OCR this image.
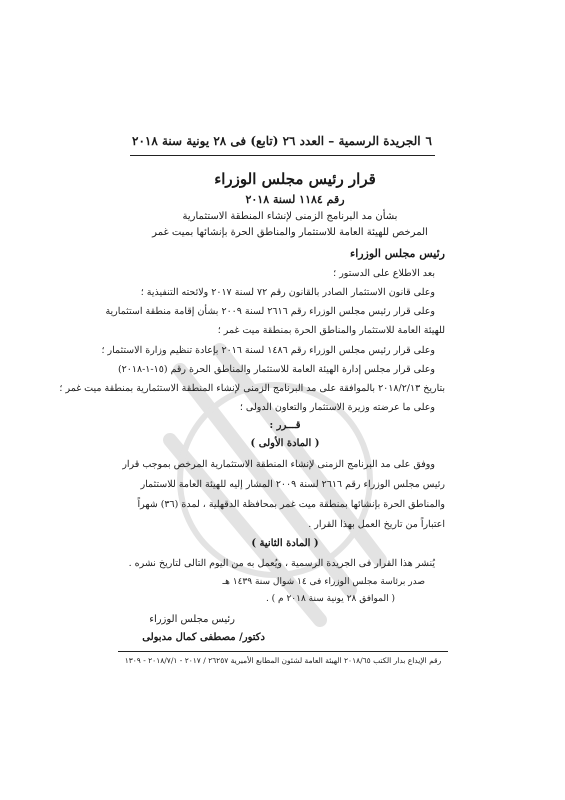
٦
الجريدة الرسمية – العدد ٢٦ (تابع) فى ٢٨ يونية سنة ٢٠١٨
قرار رئيس مجلس الوزراء
رقم ١١٨٤ لسنة ٢٠١٨
بشأن مد البرنامج الزمنى لإنشاء المنطقة الاستثمارية
المرخص للهيئة العامة للاستثمار والمناطق الحرة بإنشائها بميت غمر
رئيس مجلس الوزراء
بعد الاطلاع على الدستور ؛
وعلى قانون الاستثمار الصادر بالقانون رقم ٧٢ لسنة ٢٠١٧ ولائحته التنفيذية ؛
وعلى قرار رئيس مجلس الوزراء رقم ٢٦١٦ لسنة ٢٠٠٩ بشأن إقامة منطقة استثمارية
للهيئة العامة للاستثمار والمناطق الحرة بمنطقة ميت غمر ؛
وعلى قرار رئيس مجلس الوزراء رقم ١٤٨٦ لسنة ٢٠١٦ بإعادة تنظيم وزارة الاستثمار ؛
وعلى قرار مجلس إدارة الهيئة العامة للاستثمار والمناطق الحرة رقم (١٥-١-٢٠١٨)
بتاريخ ٢٠١٨/٢/١٣ بالموافقة على مد البرنامج الزمنى لإنشاء المنطقة الاستثمارية بمنطقة ميت غمر ؛
وعلى ما عرضته وزيرة الاستثمار والتعاون الدولى ؛
قـــرر :
( المادة الأولى )
ووفق على مد البرنامج الزمنى لإنشاء المنطقة الاستثمارية المرخص بموجب قرار
رئيس مجلس الوزراء رقم ٢٦١٦ لسنة ٢٠٠٩ المشار إليه للهيئة العامة للاستثمار
والمناطق الحرة بإنشائها بمنطقة ميت غمر بمحافظة الدقهلية ، لمدة (٣٦) شهراً
اعتباراً من تاريخ العمل بهذا القرار .
( المادة الثانية )
يُنشر هذا القرار فى الجريدة الرسمية ، ويُعمل به من اليوم التالى لتاريخ نشره .
صدر برئاسة مجلس الوزراء فى ١٤ شوال سنة ١٤٣٩ هـ
( الموافق ٢٨ يونية سنة ٢٠١٨ م ) .
رئيس مجلس الوزراء
دكتور/ مصطفى كمال مدبولى
رقم الإيداع بدار الكتب ٢٠١٨/٦٥ الهيئة العامة لشئون المطابع الأميرية ٢٦٢٥٧ / ٢٠١٧ - ٢٠١٨/٧/١ - ١٣٠٩
